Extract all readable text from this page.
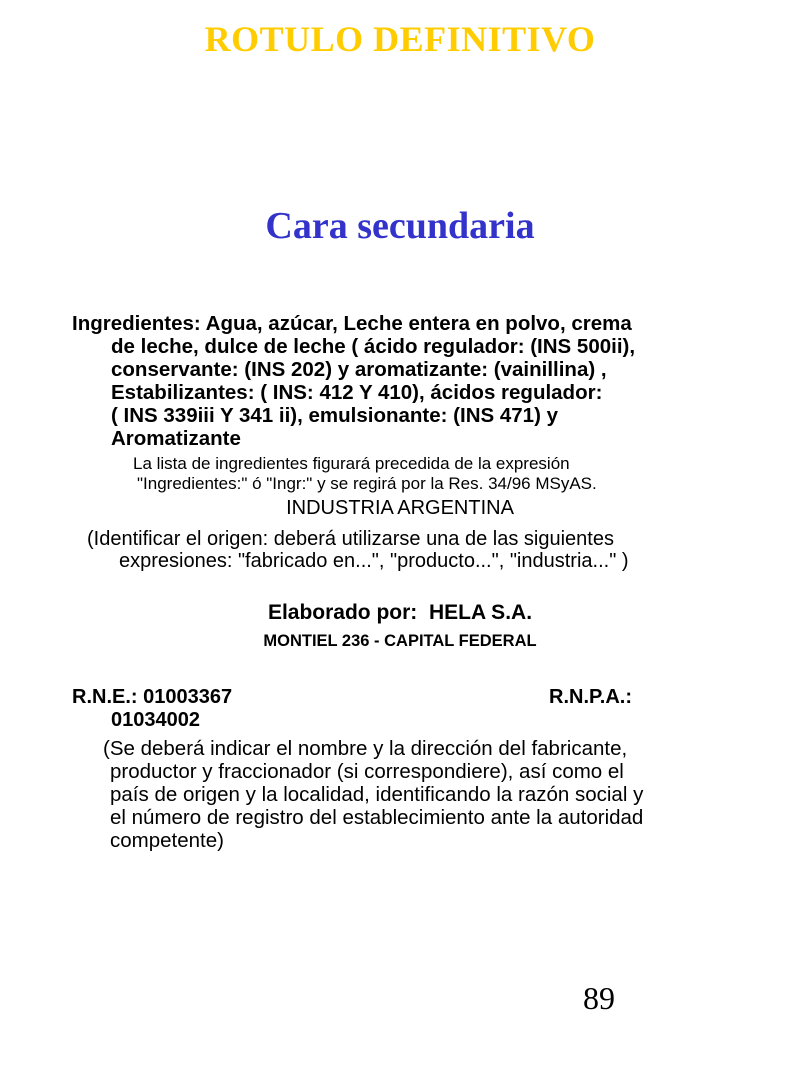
ROTULO DEFINITIVO
Cara secundaria
Ingredientes: Agua, azúcar, Leche entera en polvo, crema
de leche, dulce de leche ( ácido regulador: (INS 500ii),
conservante: (INS 202) y aromatizante: (vainillina) ,
Estabilizantes: ( INS: 412 Y 410), ácidos regulador:
( INS 339iii Y 341 ii), emulsionante: (INS 471) y
Aromatizante
La lista de ingredientes figurará precedida de la expresión
"Ingredientes:" ó "Ingr:" y se regirá por la Res. 34/96 MSyAS.
INDUSTRIA ARGENTINA
(Identificar el origen: deberá utilizarse una de las siguientes
expresiones: "fabricado en...", "producto...", "industria..." )
Elaborado por:  HELA S.A.
MONTIEL 236 - CAPITAL FEDERAL
R.N.E.: 01003367	R.N.P.A.:
01034002
(Se deberá indicar el nombre y la dirección del fabricante,
productor y fraccionador (si correspondiere), así como el
país de origen y la localidad, identificando la razón social y
el número de registro del establecimiento ante la autoridad
competente)
89
